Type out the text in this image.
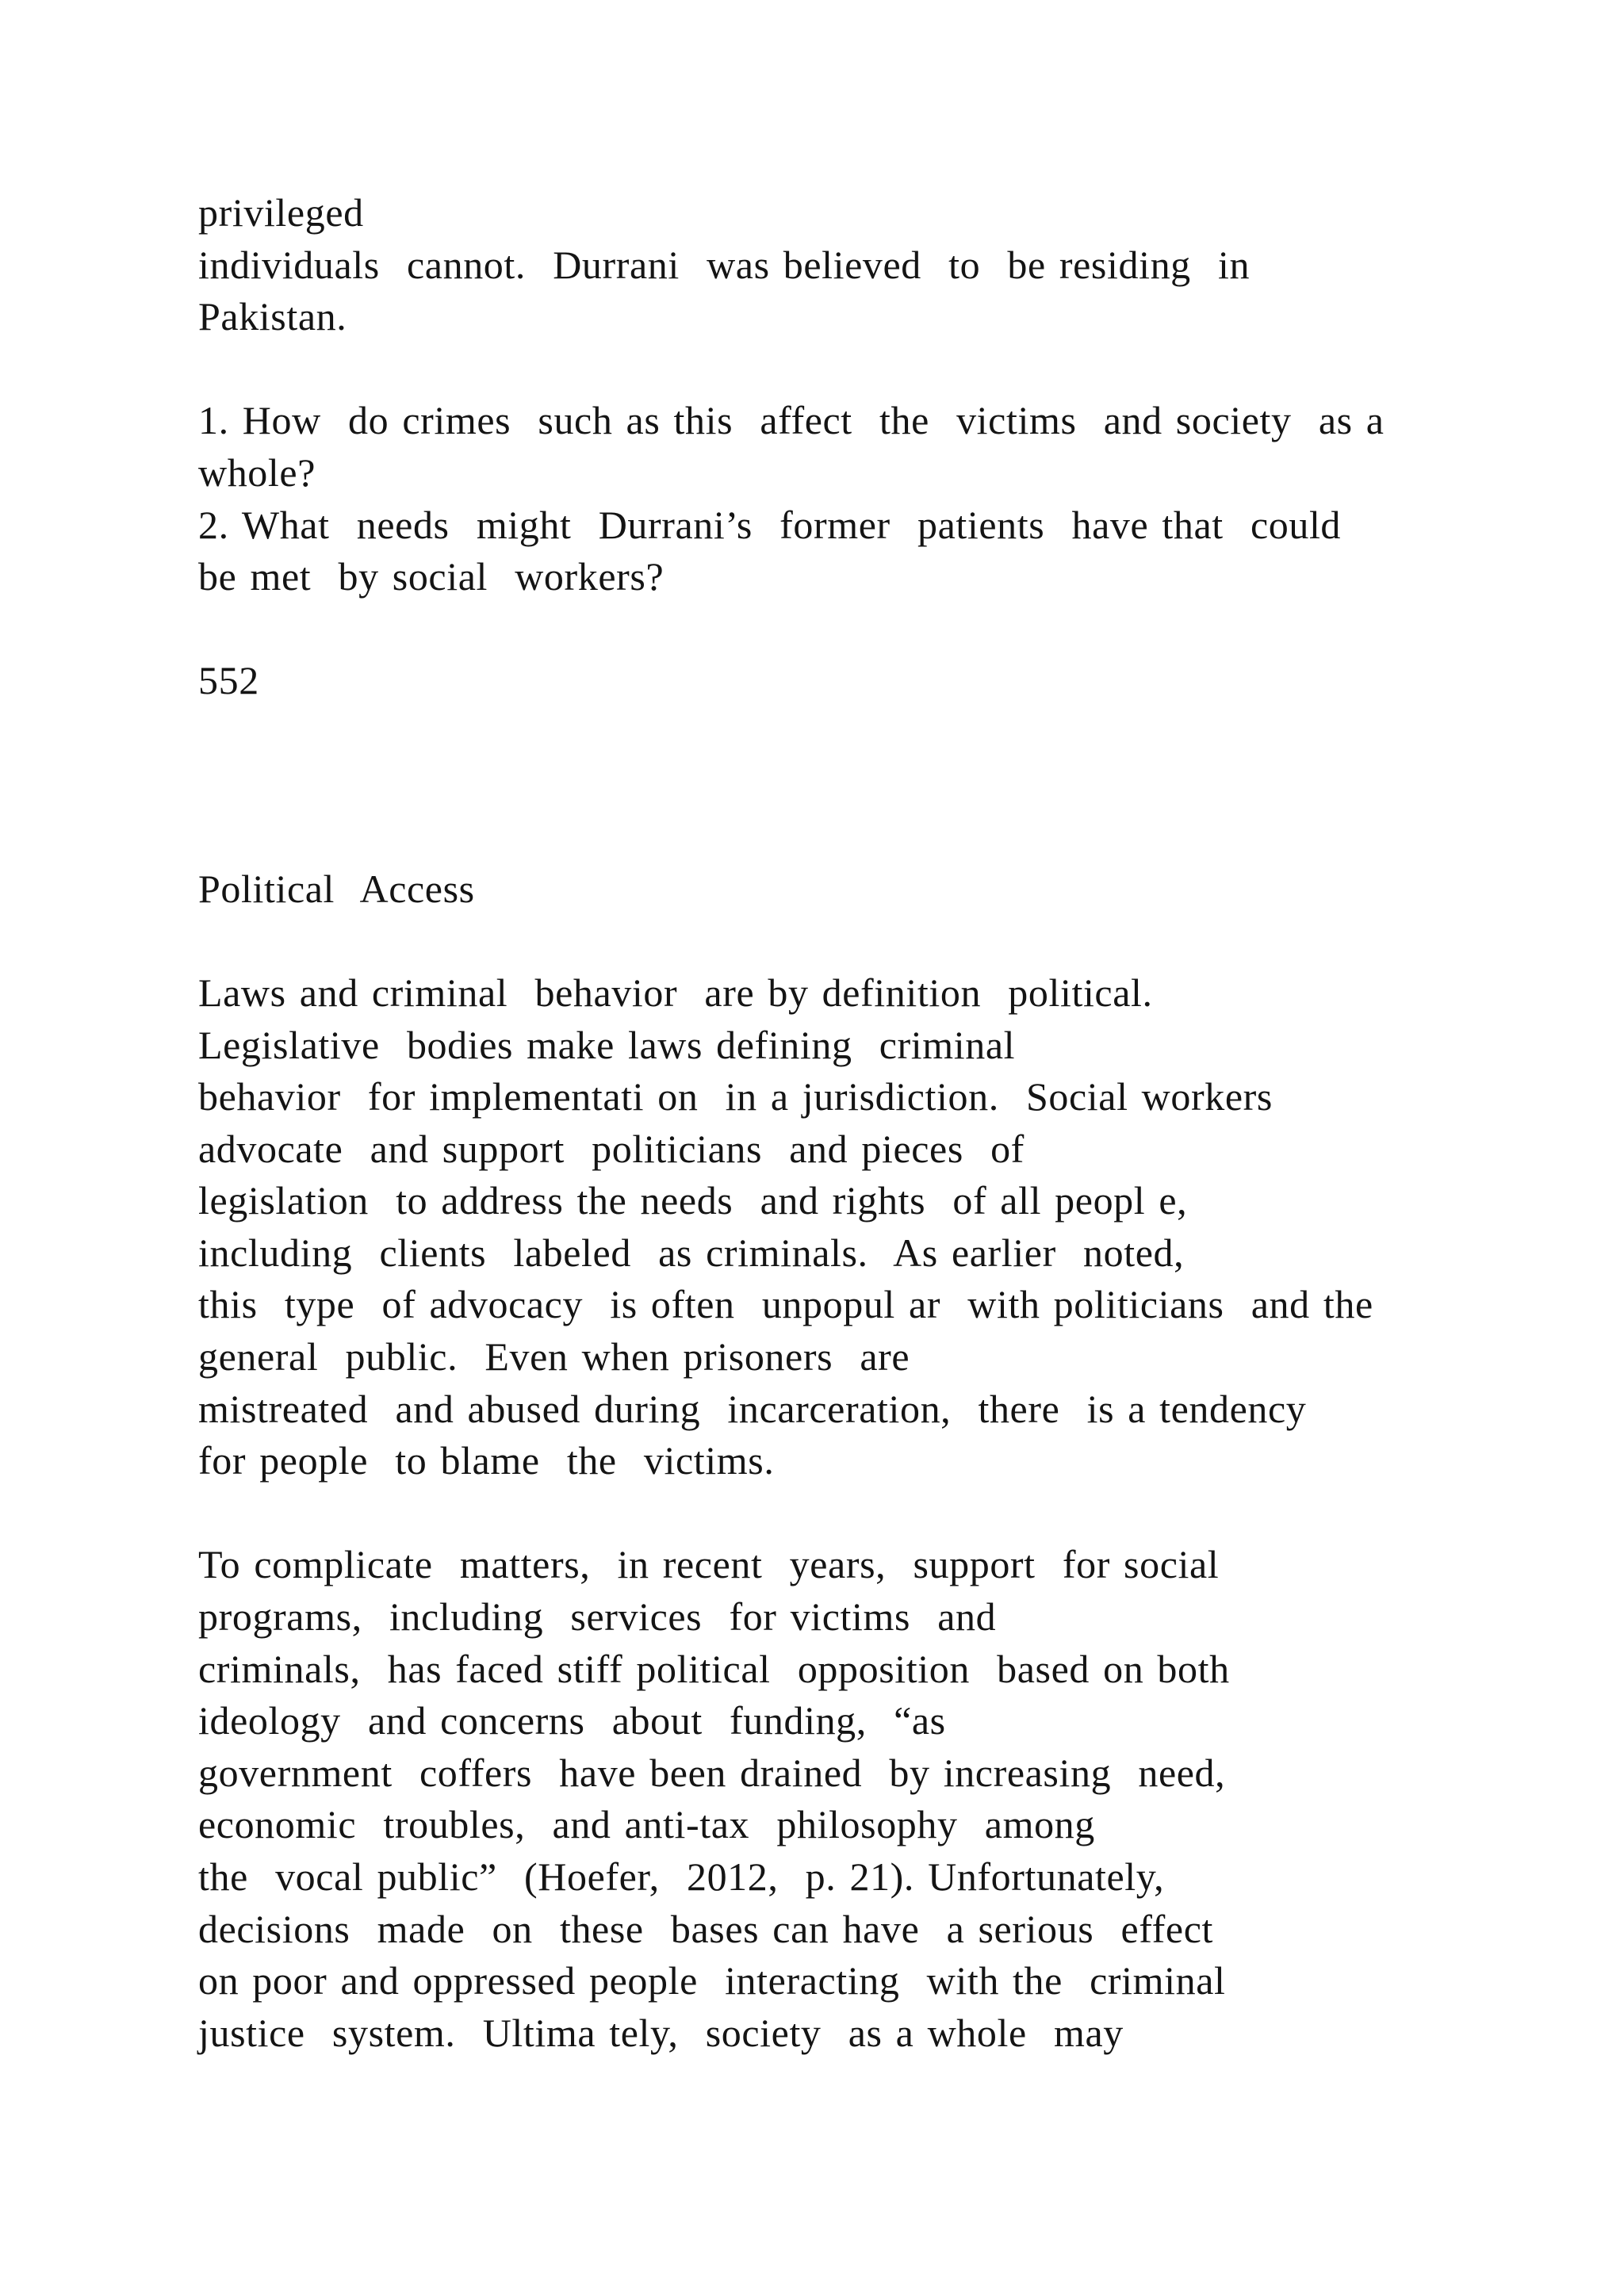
privileged
individuals  cannot.  Durrani  was believed  to  be residing  in
Pakistan.
1. How  do crimes  such as this  affect  the  victims  and society  as a
whole?
2. What  needs  might  Durrani’s  former  patients  have that  could
be met  by social  workers?
552
Political  Access
Laws and criminal  behavior  are by definition  political.
Legislative  bodies make laws defining  criminal
behavior  for implementati on  in a jurisdiction.  Social workers
advocate  and support  politicians  and pieces  of
legislation  to address the needs  and rights  of all peopl e,
including  clients  labeled  as criminals.  As earlier  noted,
this  type  of advocacy  is often  unpopul ar  with politicians  and the
general  public.  Even when prisoners  are
mistreated  and abused during  incarceration,  there  is a tendency
for people  to blame  the  victims.
To complicate  matters,  in recent  years,  support  for social
programs,  including  services  for victims  and
criminals,  has faced stiff political  opposition  based on both
ideology  and concerns  about  funding,  “as
government  coffers  have been drained  by increasing  need,
economic  troubles,  and anti-tax  philosophy  among
the  vocal public”  (Hoefer,  2012,  p. 21). Unfortunately,
decisions  made  on  these  bases can have  a serious  effect
on poor and oppressed people  interacting  with the  criminal
justice  system.  Ultima tely,  society  as a whole  may
